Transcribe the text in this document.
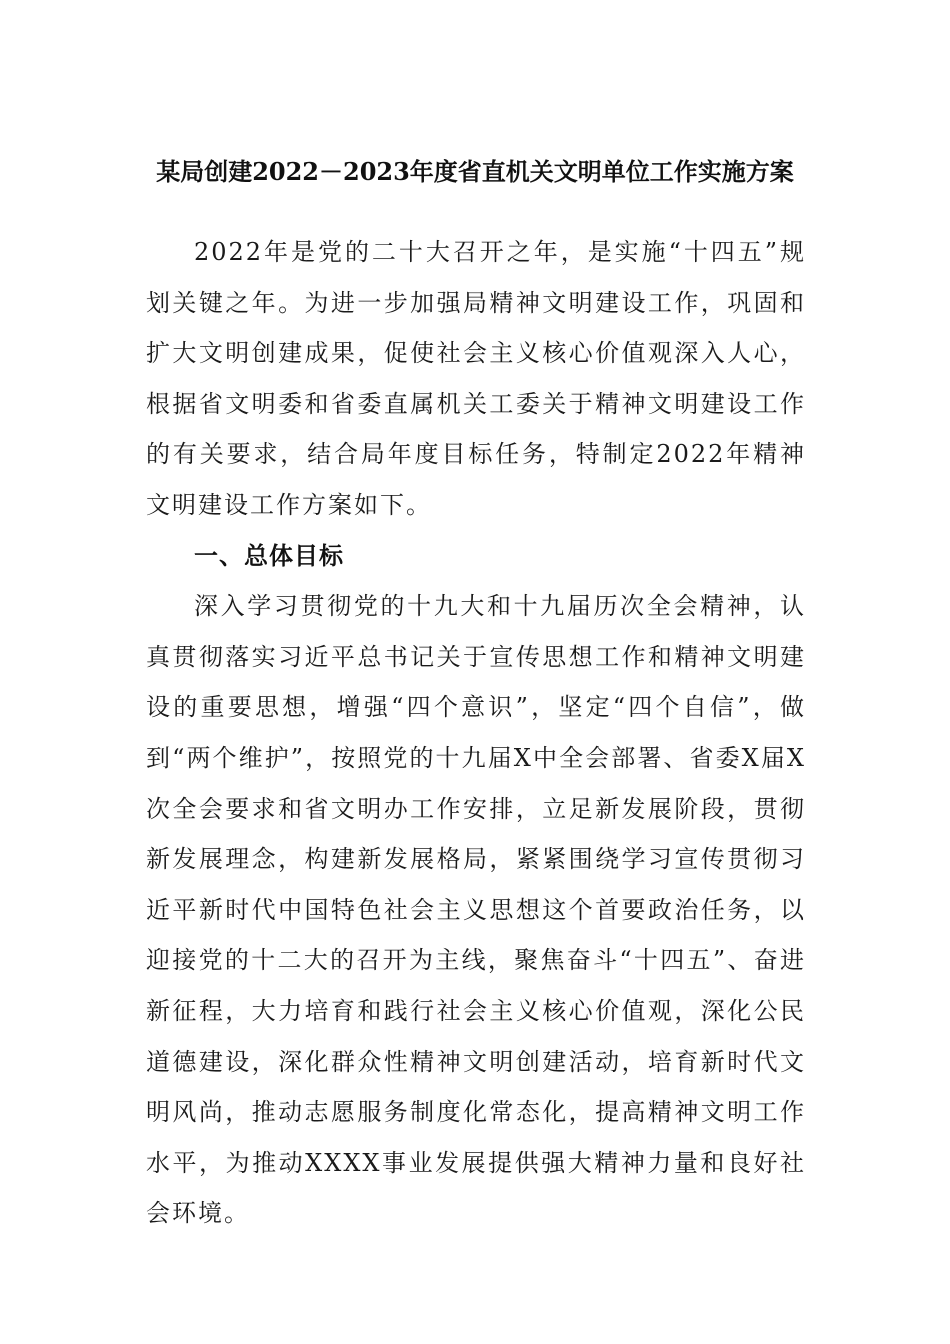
某局创建2022－2023年度省直机关文明单位工作实施方案

2022年是党的二十大召开之年，是实施“十四五”规划关键之年。为进一步加强局精神文明建设工作，巩固和扩大文明创建成果，促使社会主义核心价值观深入人心，根据省文明委和省委直属机关工委关于精神文明建设工作的有关要求，结合局年度目标任务，特制定2022年精神文明建设工作方案如下。

一、总体目标

深入学习贯彻党的十九大和十九届历次全会精神，认真贯彻落实习近平总书记关于宣传思想工作和精神文明建设的重要思想，增强“四个意识”，坚定“四个自信”，做到“两个维护”，按照党的十九届X中全会部署、省委X届X次全会要求和省文明办工作安排，立足新发展阶段，贯彻新发展理念，构建新发展格局，紧紧围绕学习宣传贯彻习近平新时代中国特色社会主义思想这个首要政治任务，以迎接党的十二大的召开为主线，聚焦奋斗“十四五”、奋进新征程，大力培育和践行社会主义核心价值观，深化公民道德建设，深化群众性精神文明创建活动，培育新时代文明风尚，推动志愿服务制度化常态化，提高精神文明工作水平，为推动XXXX事业发展提供强大精神力量和良好社会环境。
